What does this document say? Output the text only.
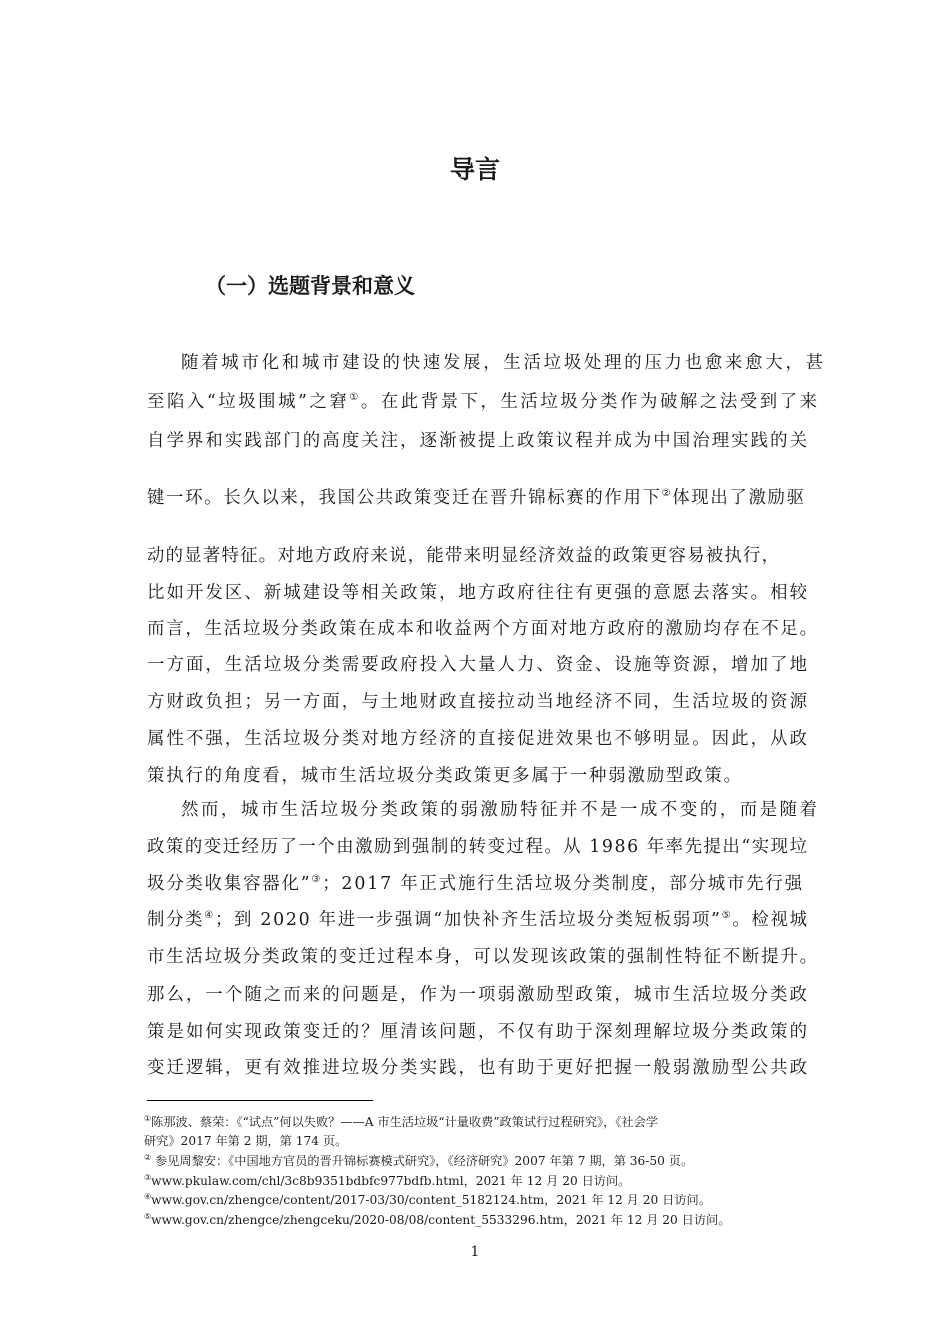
导言
（一）选题背景和意义
随着城市化和城市建设的快速发展，生活垃圾处理的压力也愈来愈大，甚
至陷入“垃圾围城”之窘①。在此背景下，生活垃圾分类作为破解之法受到了来
自学界和实践部门的高度关注，逐渐被提上政策议程并成为中国治理实践的关
键一环。长久以来，我国公共政策变迁在晋升锦标赛的作用下②体现出了激励驱
动的显著特征。对地方政府来说，能带来明显经济效益的政策更容易被执行，
比如开发区、新城建设等相关政策，地方政府往往有更强的意愿去落实。相较
而言，生活垃圾分类政策在成本和收益两个方面对地方政府的激励均存在不足。
一方面，生活垃圾分类需要政府投入大量人力、资金、设施等资源，增加了地
方财政负担；另一方面，与土地财政直接拉动当地经济不同，生活垃圾的资源
属性不强，生活垃圾分类对地方经济的直接促进效果也不够明显。因此，从政
策执行的角度看，城市生活垃圾分类政策更多属于一种弱激励型政策。
然而，城市生活垃圾分类政策的弱激励特征并不是一成不变的，而是随着
政策的变迁经历了一个由激励到强制的转变过程。从 1986 年率先提出“实现垃
圾分类收集容器化”③；2017 年正式施行生活垃圾分类制度，部分城市先行强
制分类④；到 2020 年进一步强调“加快补齐生活垃圾分类短板弱项”⑤。检视城
市生活垃圾分类政策的变迁过程本身，可以发现该政策的强制性特征不断提升。
那么，一个随之而来的问题是，作为一项弱激励型政策，城市生活垃圾分类政
策是如何实现政策变迁的？厘清该问题，不仅有助于深刻理解垃圾分类政策的
变迁逻辑，更有效推进垃圾分类实践，也有助于更好把握一般弱激励型公共政
①陈那波、蔡荣：《“试点”何以失败？——A 市生活垃圾“计量收费”政策试行过程研究》，《社会学
研究》2017 年第 2 期，第 174 页。
② 参见周黎安：《中国地方官员的晋升锦标赛模式研究》，《经济研究》2007 年第 7 期，第 36-50 页。
③www.pkulaw.com/chl/3c8b9351bdbfc977bdfb.html，2021 年 12 月 20 日访问。
④www.gov.cn/zhengce/content/2017-03/30/content_5182124.htm，2021 年 12 月 20 日访问。
⑤www.gov.cn/zhengce/zhengceku/2020-08/08/content_5533296.htm，2021 年 12 月 20 日访问。
1
